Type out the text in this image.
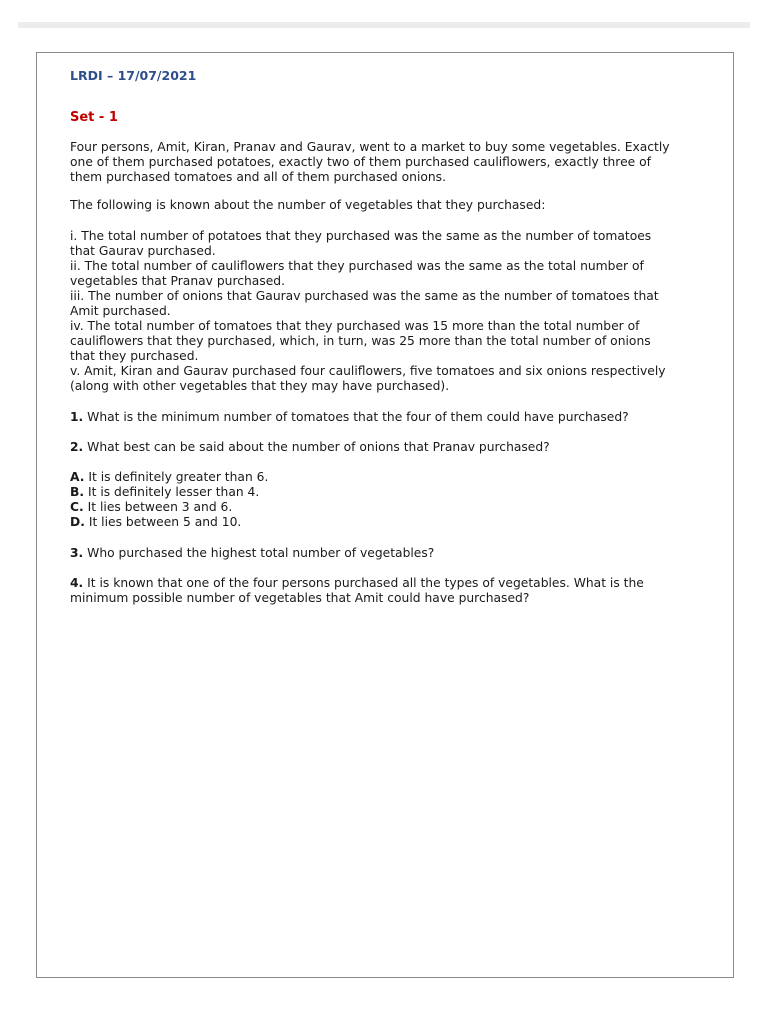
LRDI – 17/07/2021
Set - 1

Four persons, Amit, Kiran, Pranav and Gaurav, went to a market to buy some vegetables. Exactly one of them purchased potatoes, exactly two of them purchased cauliflowers, exactly three of them purchased tomatoes and all of them purchased onions.

The following is known about the number of vegetables that they purchased:

i. The total number of potatoes that they purchased was the same as the number of tomatoes that Gaurav purchased.
ii. The total number of cauliflowers that they purchased was the same as the total number of vegetables that Pranav purchased.
iii. The number of onions that Gaurav purchased was the same as the number of tomatoes that Amit purchased.
iv. The total number of tomatoes that they purchased was 15 more than the total number of cauliflowers that they purchased, which, in turn, was 25 more than the total number of onions that they purchased.
v. Amit, Kiran and Gaurav purchased four cauliflowers, five tomatoes and six onions respectively (along with other vegetables that they may have purchased).

1. What is the minimum number of tomatoes that the four of them could have purchased?

2. What best can be said about the number of onions that Pranav purchased?

A. It is definitely greater than 6.
B. It is definitely lesser than 4.
C. It lies between 3 and 6.
D. It lies between 5 and 10.

3. Who purchased the highest total number of vegetables?

4. It is known that one of the four persons purchased all the types of vegetables. What is the minimum possible number of vegetables that Amit could have purchased?
